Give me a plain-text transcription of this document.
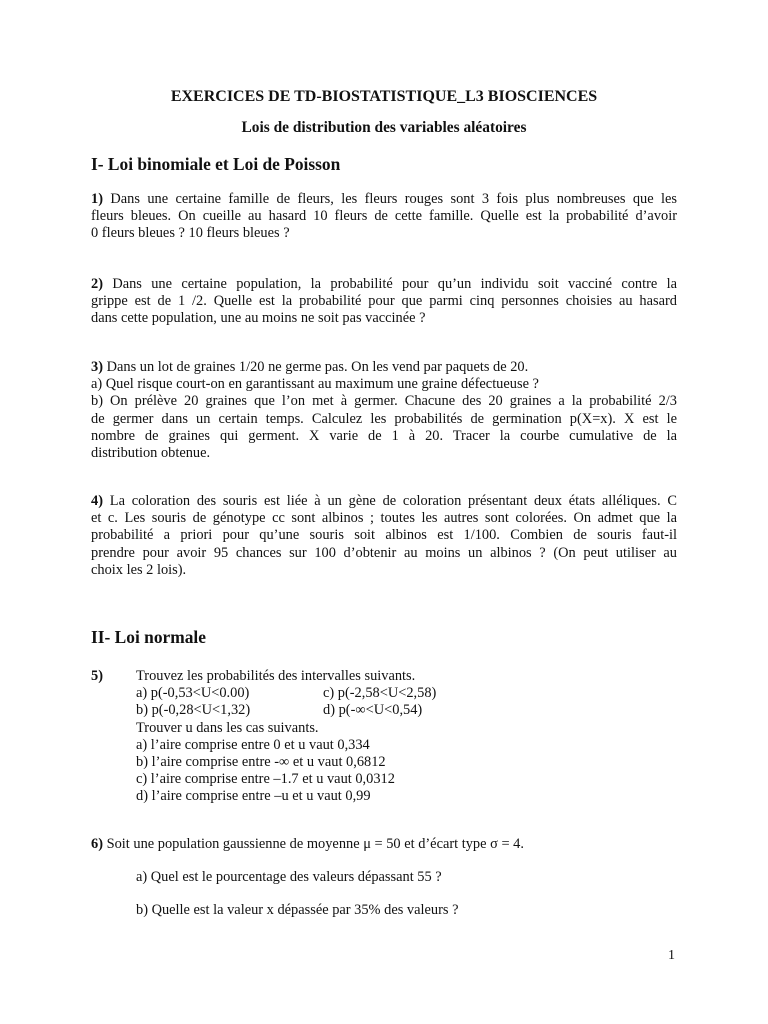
EXERCICES DE TD-BIOSTATISTIQUE_L3 BIOSCIENCES
Lois de distribution des variables aléatoires
I- Loi binomiale et Loi de Poisson
1) Dans une certaine famille de fleurs, les fleurs rouges sont 3 fois plus nombreuses que les
fleurs bleues. On cueille au hasard 10 fleurs de cette famille. Quelle est la probabilité d’avoir
0 fleurs bleues ? 10 fleurs bleues ?
2) Dans une certaine population, la probabilité pour qu’un individu soit vacciné contre la
grippe est de 1 /2. Quelle est la probabilité pour que parmi cinq personnes choisies au hasard
dans cette population, une au moins ne soit pas vaccinée ?
3) Dans un lot de graines 1/20 ne germe pas. On les vend par paquets de 20.
a) Quel risque court-on en garantissant au maximum une graine défectueuse ?
b) On prélève 20 graines que l’on met à germer. Chacune des 20 graines a la probabilité 2/3
de germer dans un certain temps. Calculez les probabilités de germination p(X=x). X est le
nombre de graines qui germent. X varie de 1 à 20. Tracer la courbe cumulative de la
distribution obtenue.
4) La coloration des souris est liée à un gène de coloration présentant deux états alléliques. C
et c. Les souris de génotype cc sont albinos ; toutes les autres sont colorées. On admet que la
probabilité a priori pour qu’une souris soit albinos est 1/100. Combien de souris faut-il
prendre pour avoir 95 chances sur 100 d’obtenir au moins un albinos ? (On peut utiliser au
choix les 2 lois).
II- Loi normale
5) Trouvez les probabilités des intervalles suivants.
a) p(-0,53<U<0.00)	c) p(-2,58<U<2,58)
b) p(-0,28<U<1,32)	d) p(-∞<U<0,54)
Trouver u dans les cas suivants.
a) l’aire comprise entre 0 et u vaut 0,334
b) l’aire comprise entre -∞ et u vaut 0,6812
c) l’aire comprise entre –1.7 et u vaut 0,0312
d) l’aire comprise entre –u et u vaut 0,99
6) Soit une population gaussienne de moyenne μ = 50 et d’écart type σ = 4.
a) Quel est le pourcentage des valeurs dépassant 55 ?
b) Quelle est la valeur x dépassée par 35% des valeurs ?
1
